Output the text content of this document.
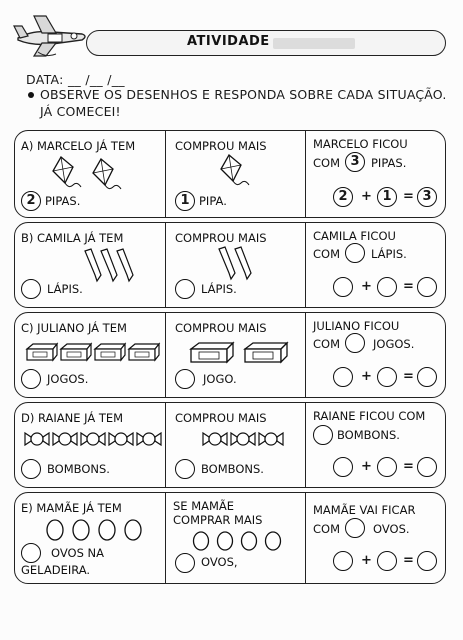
ATIVIDADE
DATA: __ /__ /__
OBSERVE OS DESENHOS E RESPONDA SOBRE CADA SITUAÇÃO.
JÁ COMECEI!
A) MARCELO JÁ TEM
2 PIPAS.
COMPROU MAIS
1 PIPA.
MARCELO FICOU
COM 3 PIPAS.
2	+ 1 = 3
B) CAMILA JÁ TEM
LÁPIS.
COMPROU MAIS
LÁPIS.
CAMILA FICOU
COM	LÁPIS.
+ =
C) JULIANO JÁ TEM
JOGOS.
COMPROU MAIS
JOGO.
JULIANO FICOU
COM	JOGOS.
+ =
D) RAIANE JÁ TEM
BOMBONS.
COMPROU MAIS
BOMBONS.
RAIANE FICOU COM
BOMBONS.
+ =
E) MAMÃE JÁ TEM
OVOS NA
GELADEIRA.
SE MAMÃE
COMPRAR MAIS
OVOS,
MAMÃE VAI FICAR
COM	OVOS.
+ =
